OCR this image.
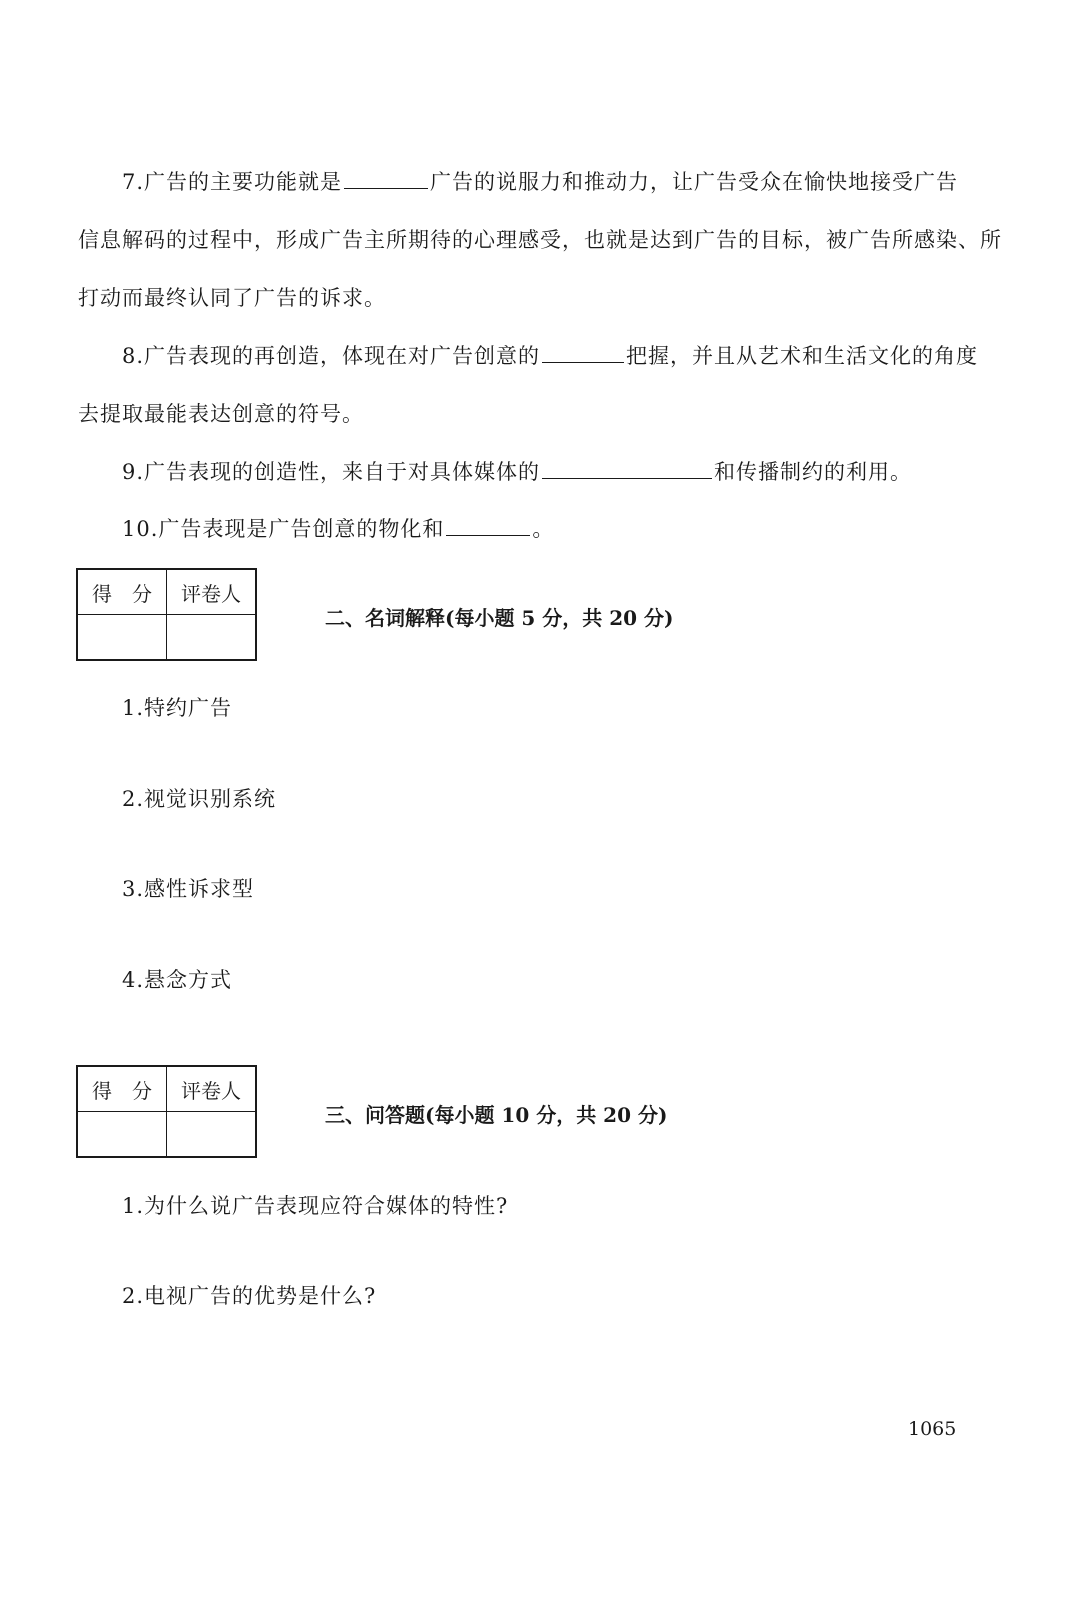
7.广告的主要功能就是	广告的说服力和推动力，让广告受众在愉快地接受广告
信息解码的过程中，形成广告主所期待的心理感受，也就是达到广告的目标，被广告所感染、所
打动而最终认同了广告的诉求。
8.广告表现的再创造，体现在对广告创意的	把握，并且从艺术和生活文化的角度
去提取最能表达创意的符号。
9.广告表现的创造性，来自于对具体媒体的	和传播制约的利用。
10.广告表现是广告创意的物化和	。
得　分	评卷人

二、名词解释(每小题 5 分，共 20 分)
1.特约广告
2.视觉识别系统
3.感性诉求型
4.悬念方式
得　分	评卷人

三、问答题(每小题 10 分，共 20 分)
1.为什么说广告表现应符合媒体的特性?
2.电视广告的优势是什么?
1065
